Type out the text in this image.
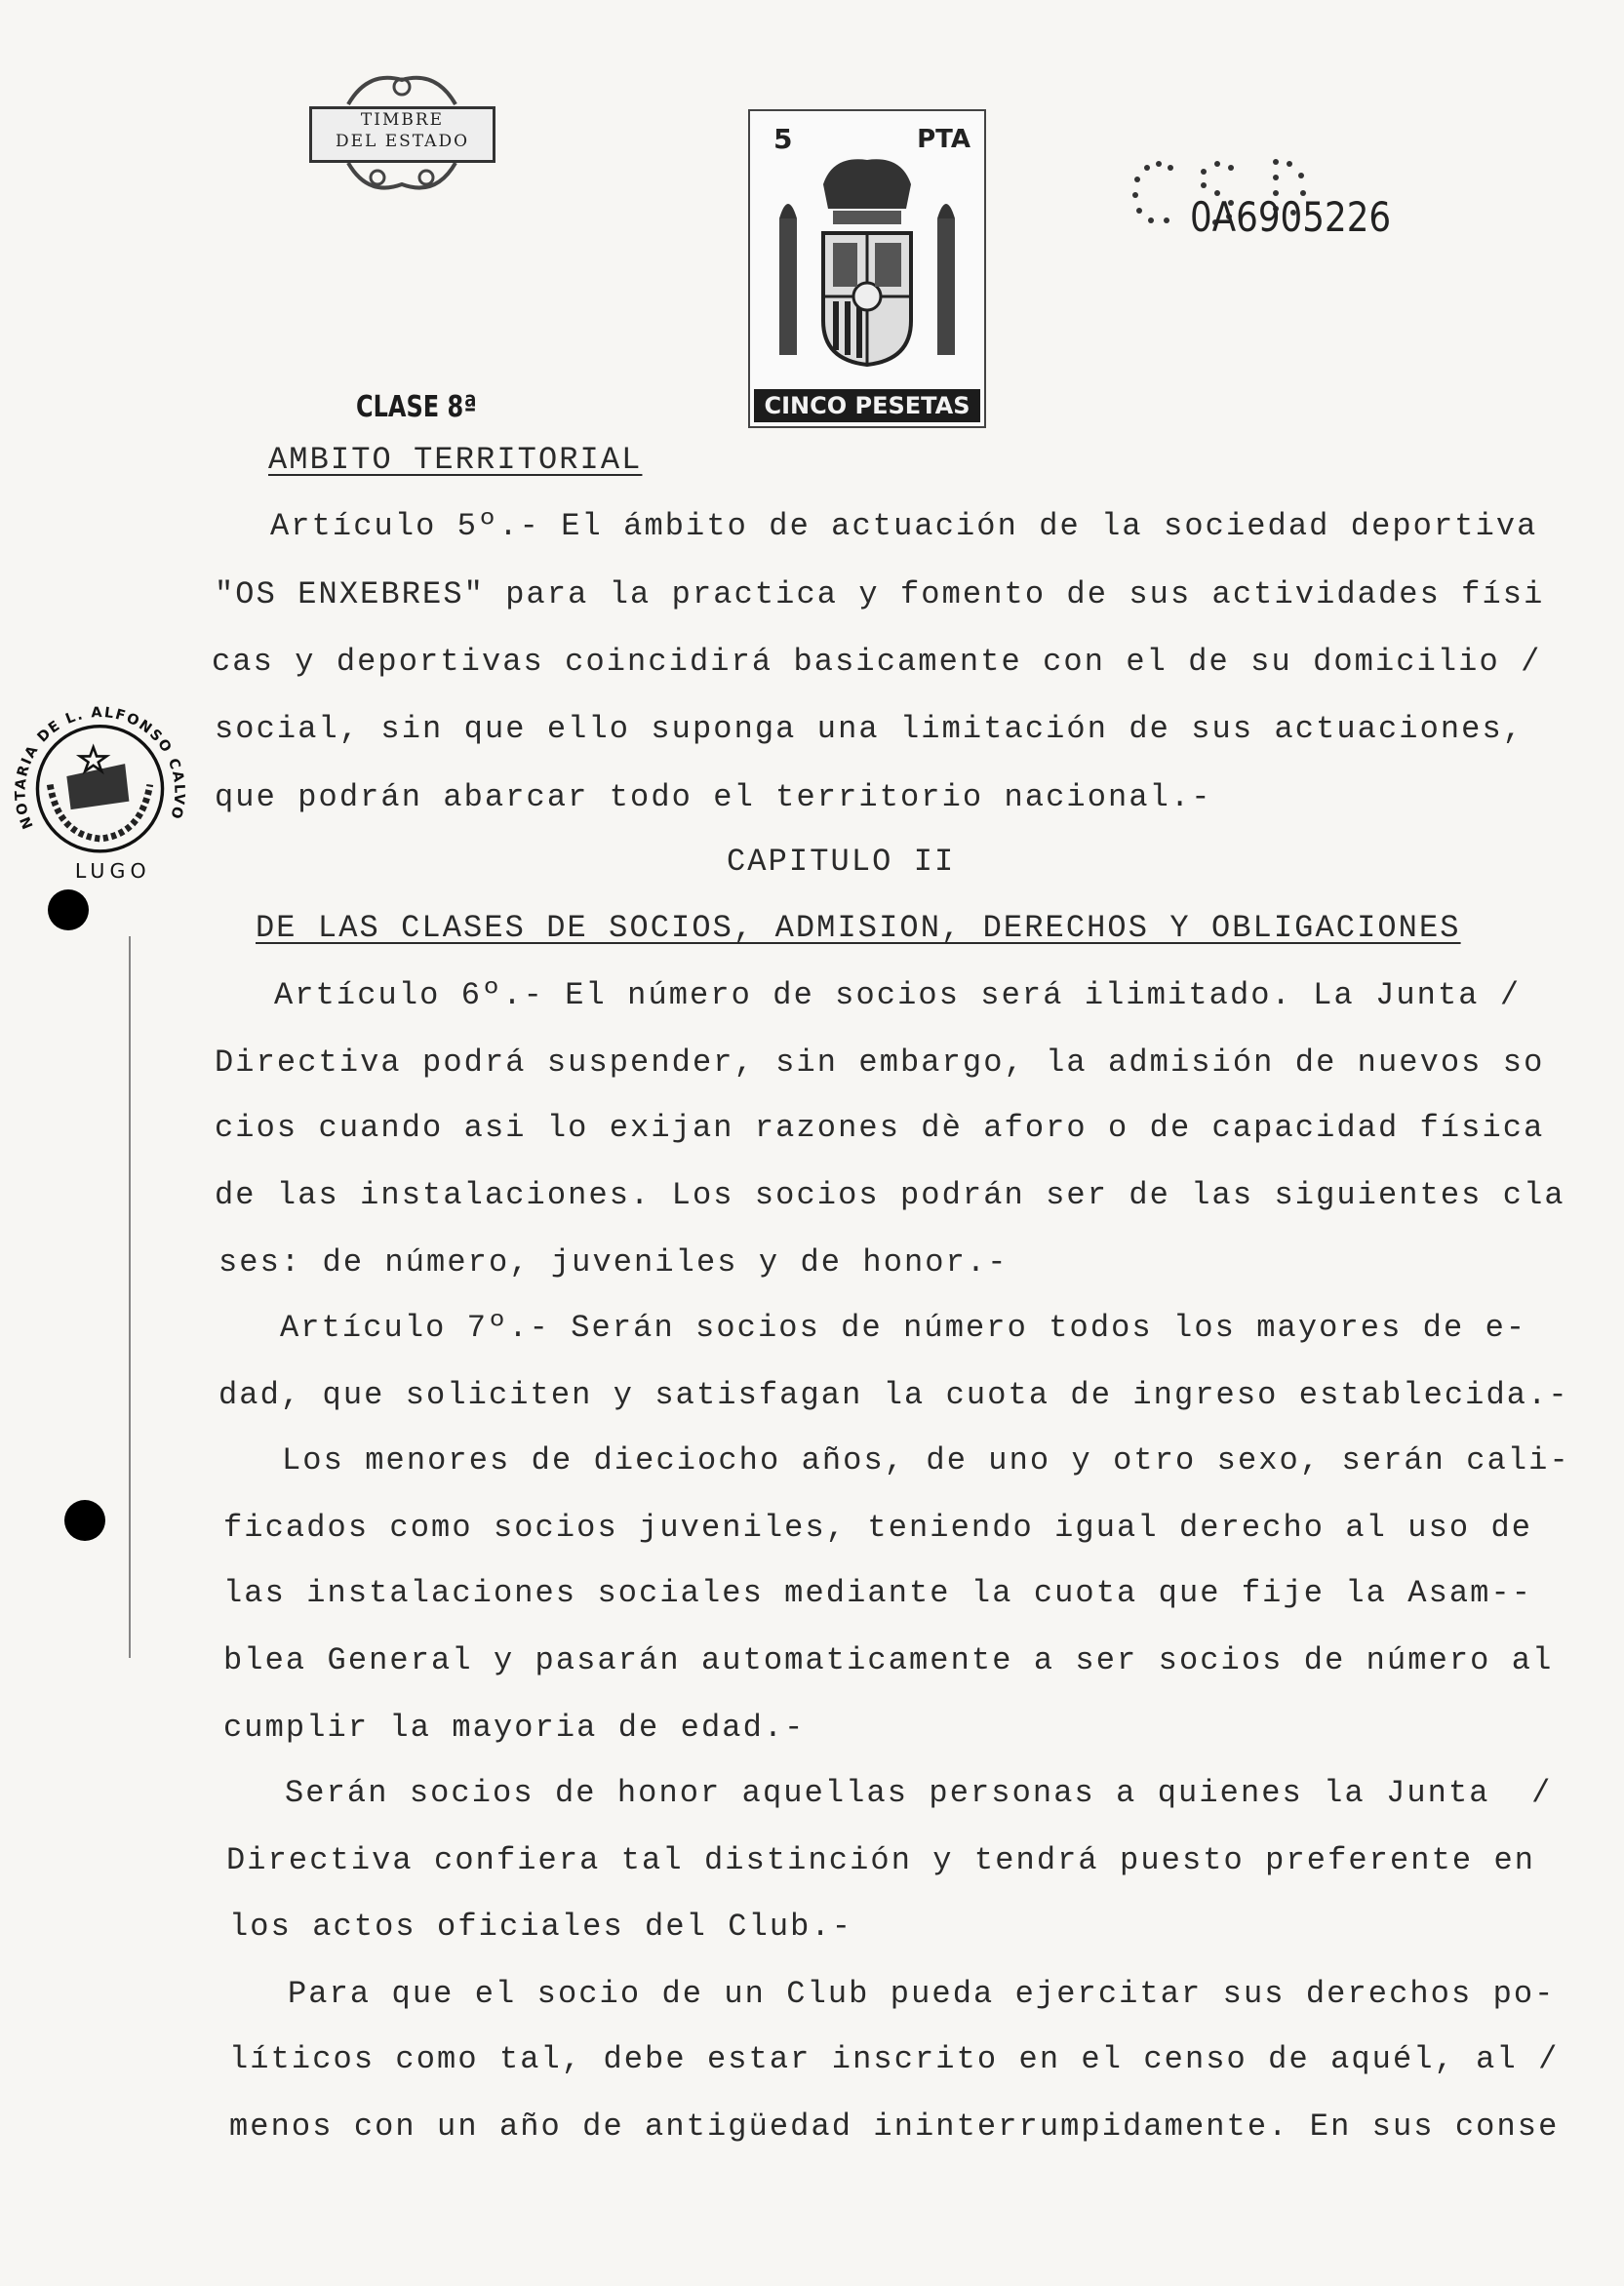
TIMBRE
DEL ESTADO	5	PTA
CINCO PESETAS
0A6905226
CLASE 8ª
NOTARIA DE L. ALFONSO CALVO
LUGO
AMBITO TERRITORIAL
Artículo 5º.- El ámbito de actuación de la sociedad deportiva
"OS ENXEBRES" para la practica y fomento de sus actividades físi
cas y deportivas coincidirá basicamente con el de su domicilio /
social, sin que ello suponga una limitación de sus actuaciones,
que podrán abarcar todo el territorio nacional.-
CAPITULO II
DE LAS CLASES DE SOCIOS, ADMISION, DERECHOS Y OBLIGACIONES
Artículo 6º.- El número de socios será ilimitado. La Junta /
Directiva podrá suspender, sin embargo, la admisión de nuevos so
cios cuando asi lo exijan razones dè aforo o de capacidad física
de las instalaciones. Los socios podrán ser de las siguientes cla
ses: de número, juveniles y de honor.-
Artículo 7º.- Serán socios de número todos los mayores de e-
dad, que soliciten y satisfagan la cuota de ingreso establecida.-
Los menores de dieciocho años, de uno y otro sexo, serán cali-
ficados como socios juveniles, teniendo igual derecho al uso de
las instalaciones sociales mediante la cuota que fije la Asam--
blea General y pasarán automaticamente a ser socios de número al
cumplir la mayoria de edad.-
Serán socios de honor aquellas personas a quienes la Junta  /
Directiva confiera tal distinción y tendrá puesto preferente en
los actos oficiales del Club.-
Para que el socio de un Club pueda ejercitar sus derechos po-
líticos como tal, debe estar inscrito en el censo de aquél, al /
menos con un año de antigüedad ininterrumpidamente. En sus conse
